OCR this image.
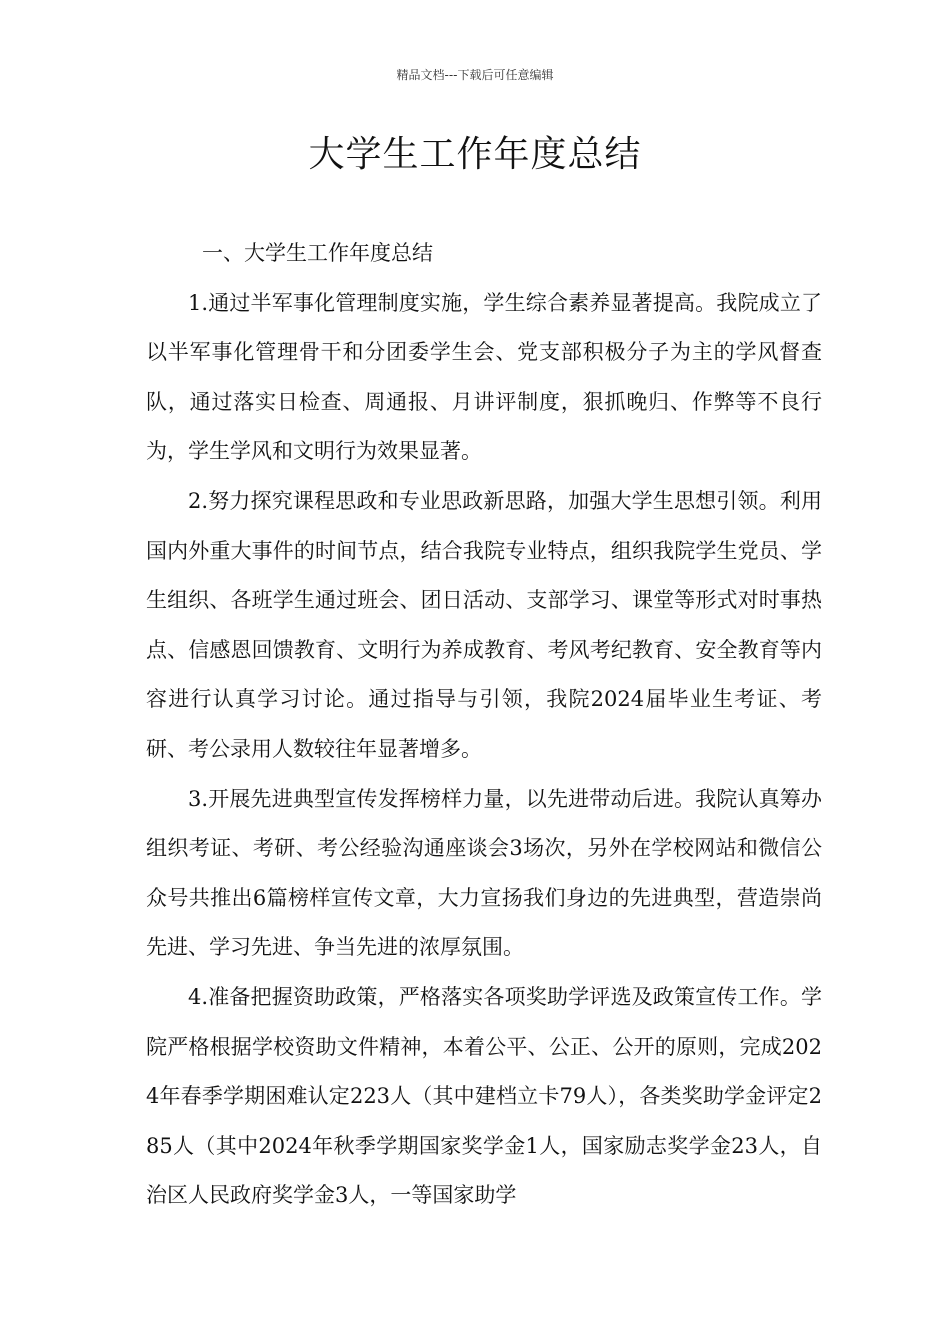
精品文档---下载后可任意编辑
大学生工作年度总结

一、大学生工作年度总结

1.通过半军事化管理制度实施，学生综合素养显著提高。我院成立了以半军事化管理骨干和分团委学生会、党支部积极分子为主的学风督查队，通过落实日检查、周通报、月讲评制度，狠抓晚归、作弊等不良行为，学生学风和文明行为效果显著。

2.努力探究课程思政和专业思政新思路，加强大学生思想引领。利用国内外重大事件的时间节点，结合我院专业特点，组织我院学生党员、学生组织、各班学生通过班会、团日活动、支部学习、课堂等形式对时事热点、信感恩回馈教育、文明行为养成教育、考风考纪教育、安全教育等内容进行认真学习讨论。通过指导与引领，我院2024届毕业生考证、考研、考公录用人数较往年显著增多。

3.开展先进典型宣传发挥榜样力量，以先进带动后进。我院认真筹办组织考证、考研、考公经验沟通座谈会3场次，另外在学校网站和微信公众号共推出6篇榜样宣传文章，大力宣扬我们身边的先进典型，营造崇尚先进、学习先进、争当先进的浓厚氛围。

4.准备把握资助政策，严格落实各项奖助学评选及政策宣传工作。学院严格根据学校资助文件精神，本着公平、公正、公开的原则，完成2024年春季学期困难认定223人（其中建档立卡79人），各类奖助学金评定285人（其中2024年秋季学期国家奖学金1人，国家励志奖学金23人，自治区人民政府奖学金3人，一等国家助学
